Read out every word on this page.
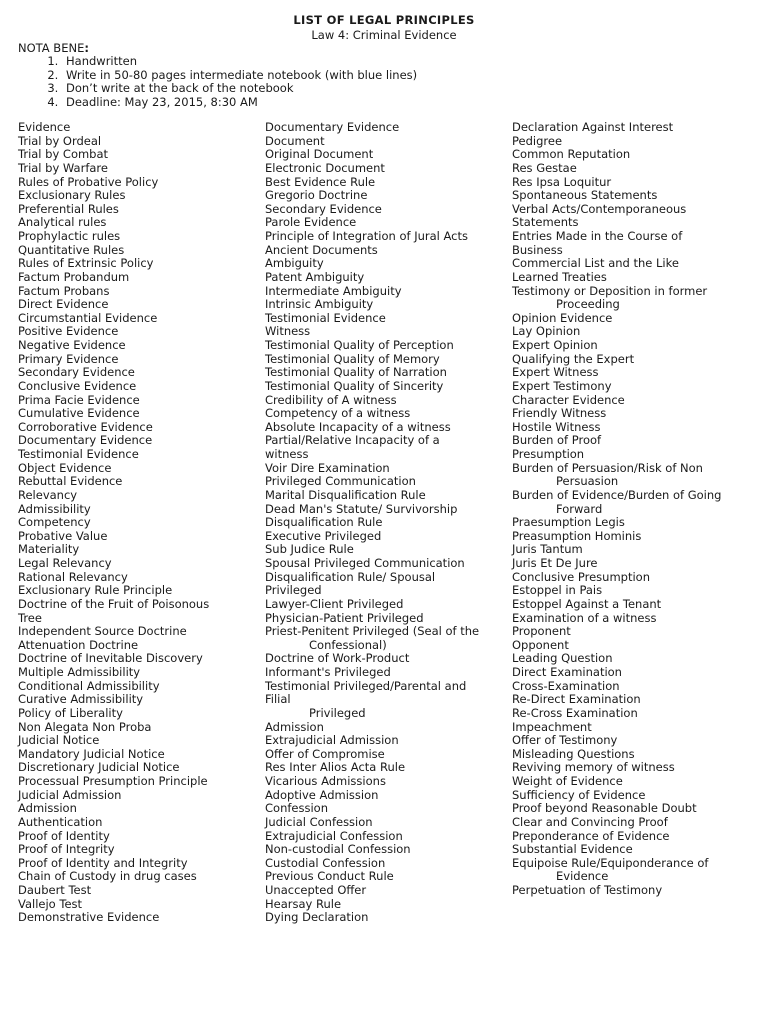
LIST OF LEGAL PRINCIPLES
Law 4: Criminal Evidence
NOTA BENE:
1. Handwritten
2. Write in 50-80 pages intermediate notebook (with blue lines)
3. Don’t write at the back of the notebook
4. Deadline: May 23, 2015, 8:30 AM
Evidence
Trial by Ordeal
Trial by Combat
Trial by Warfare
Rules of Probative Policy
Exclusionary Rules
Preferential Rules
Analytical rules
Prophylactic rules
Quantitative Rules
Rules of Extrinsic Policy
Factum Probandum
Factum Probans
Direct Evidence
Circumstantial Evidence
Positive Evidence
Negative Evidence
Primary Evidence
Secondary Evidence
Conclusive Evidence
Prima Facie Evidence
Cumulative Evidence
Corroborative Evidence
Documentary Evidence
Testimonial Evidence
Object Evidence
Rebuttal Evidence
Relevancy
Admissibility
Competency
Probative Value
Materiality
Legal Relevancy
Rational Relevancy
Exclusionary Rule Principle
Doctrine of the Fruit of Poisonous
Tree
Independent Source Doctrine
Attenuation Doctrine
Doctrine of Inevitable Discovery
Multiple Admissibility
Conditional Admissibility
Curative Admissibility
Policy of Liberality
Non Alegata Non Proba
Judicial Notice
Mandatory Judicial Notice
Discretionary Judicial Notice
Processual Presumption Principle
Judicial Admission
Admission
Authentication
Proof of Identity
Proof of Integrity
Proof of Identity and Integrity
Chain of Custody in drug cases
Daubert Test
Vallejo Test
Demonstrative Evidence
Documentary Evidence
Document
Original Document
Electronic Document
Best Evidence Rule
Gregorio Doctrine
Secondary Evidence
Parole Evidence
Principle of Integration of Jural Acts
Ancient Documents
Ambiguity
Patent Ambiguity
Intermediate Ambiguity
Intrinsic Ambiguity
Testimonial Evidence
Witness
Testimonial Quality of Perception
Testimonial Quality of Memory
Testimonial Quality of Narration
Testimonial Quality of Sincerity
Credibility of A witness
Competency of a witness
Absolute Incapacity of a witness
Partial/Relative Incapacity of a
witness
Voir Dire Examination
Privileged Communication
Marital Disqualification Rule
Dead Man's Statute/ Survivorship
Disqualification Rule
Executive Privileged
Sub Judice Rule
Spousal Privileged Communication
Disqualification Rule/ Spousal
Privileged
Lawyer-Client Privileged
Physician-Patient Privileged
Priest-Penitent Privileged (Seal of the
Confessional)
Doctrine of Work-Product
Informant's Privileged
Testimonial Privileged/Parental and
Filial
Privileged
Admission
Extrajudicial Admission
Offer of Compromise
Res Inter Alios Acta Rule
Vicarious Admissions
Adoptive Admission
Confession
Judicial Confession
Extrajudicial Confession
Non-custodial Confession
Custodial Confession
Previous Conduct Rule
Unaccepted Offer
Hearsay Rule
Dying Declaration
Declaration Against Interest
Pedigree
Common Reputation
Res Gestae
Res Ipsa Loquitur
Spontaneous Statements
Verbal Acts/Contemporaneous
Statements
Entries Made in the Course of
Business
Commercial List and the Like
Learned Treaties
Testimony or Deposition in former
Proceeding
Opinion Evidence
Lay Opinion
Expert Opinion
Qualifying the Expert
Expert Witness
Expert Testimony
Character Evidence
Friendly Witness
Hostile Witness
Burden of Proof
Presumption
Burden of Persuasion/Risk of Non
Persuasion
Burden of Evidence/Burden of Going
Forward
Praesumption Legis
Preasumption Hominis
Juris Tantum
Juris Et De Jure
Conclusive Presumption
Estoppel in Pais
Estoppel Against a Tenant
Examination of a witness
Proponent
Opponent
Leading Question
Direct Examination
Cross-Examination
Re-Direct Examination
Re-Cross Examination
Impeachment
Offer of Testimony
Misleading Questions
Reviving memory of witness
Weight of Evidence
Sufficiency of Evidence
Proof beyond Reasonable Doubt
Clear and Convincing Proof
Preponderance of Evidence
Substantial Evidence
Equipoise Rule/Equiponderance of
Evidence
Perpetuation of Testimony
